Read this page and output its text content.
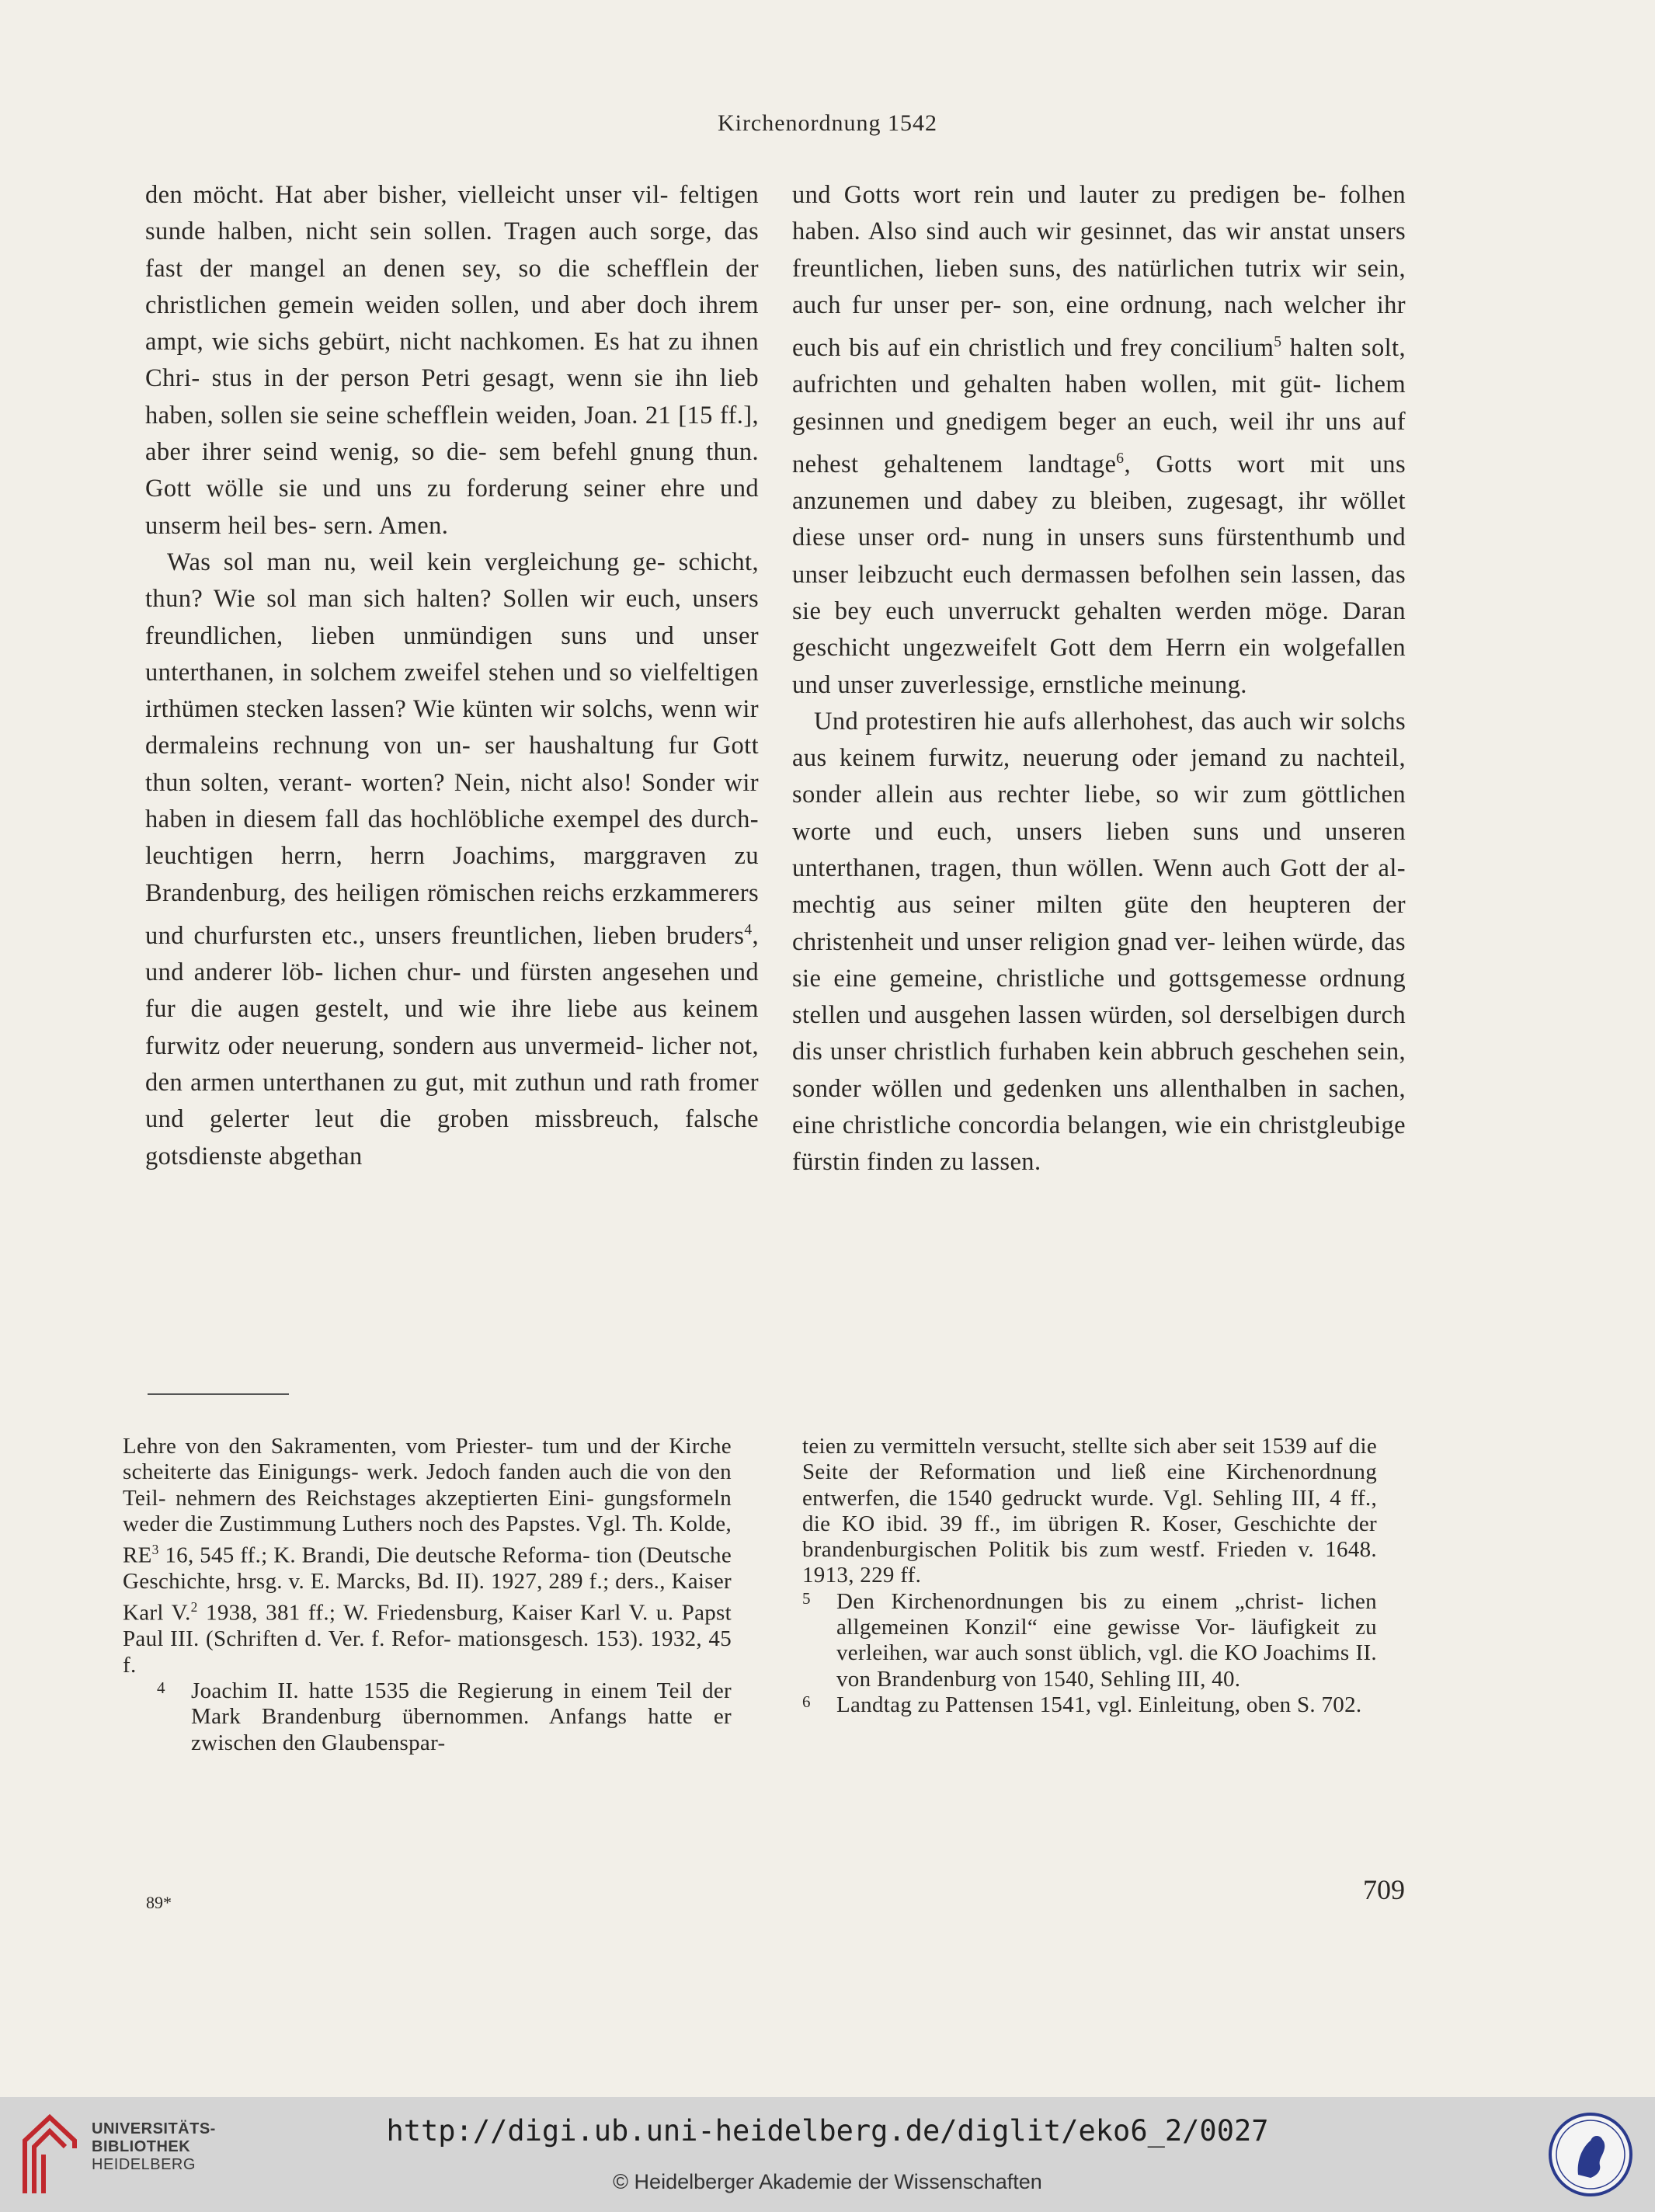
Kirchenordnung 1542

den möcht. Hat aber bisher, vielleicht unser vil- feltigen sunde halben, nicht sein sollen. Tragen auch sorge, das fast der mangel an denen sey, so die schefflein der christlichen gemein weiden sollen, und aber doch ihrem ampt, wie sichs gebürt, nicht nachkomen. Es hat zu ihnen Chri- stus in der person Petri gesagt, wenn sie ihn lieb haben, sollen sie seine schefflein weiden, Joan. 21 [15 ff.], aber ihrer seind wenig, so die- sem befehl gnung thun. Gott wölle sie und uns zu forderung seiner ehre und unserm heil bes- sern. Amen.

Was sol man nu, weil kein vergleichung ge- schicht, thun? Wie sol man sich halten? Sollen wir euch, unsers freundlichen, lieben unmündigen suns und unser unterthanen, in solchem zweifel stehen und so vielfeltigen irthümen stecken lassen? Wie künten wir solchs, wenn wir dermaleins rechnung von un- ser haushaltung fur Gott thun solten, verant- worten? Nein, nicht also! Sonder wir haben in diesem fall das hochlöbliche exempel des durch- leuchtigen herrn, herrn Joachims, marggraven zu Brandenburg, des heiligen römischen reichs erzkammerers und churfursten etc., unsers freuntlichen, lieben bruders$^4$, und anderer löb- lichen chur- und fürsten angesehen und fur die augen gestelt, und wie ihre liebe aus keinem furwitz oder neuerung, sondern aus unvermeid- licher not, den armen unterthanen zu gut, mit zuthun und rath fromer und gelerter leut die groben missbreuch, falsche gotsdienste abgethan

und Gotts wort rein und lauter zu predigen be- folhen haben. Also sind auch wir gesinnet, das wir anstat unsers freuntlichen, lieben suns, des natürlichen tutrix wir sein, auch fur unser per- son, eine ordnung, nach welcher ihr euch bis auf ein christlich und frey concilium$^5$ halten solt, aufrichten und gehalten haben wollen, mit güt- lichem gesinnen und gnedigem beger an euch, weil ihr uns auf nehest gehaltenem landtage$^6$, Gotts wort mit uns anzunemen und dabey zu bleiben, zugesagt, ihr wöllet diese unser ord- nung in unsers suns fürstenthumb und unser leibzucht euch dermassen befolhen sein lassen, das sie bey euch unverruckt gehalten werden möge. Daran geschicht ungezweifelt Gott dem Herrn ein wolgefallen und unser zuverlessige, ernstliche meinung.

Und protestiren hie aufs allerhohest, das auch wir solchs aus keinem furwitz, neuerung oder jemand zu nachteil, sonder allein aus rechter liebe, so wir zum göttlichen worte und euch, unsers lieben suns und unseren unterthanen, tragen, thun wöllen. Wenn auch Gott der al- mechtig aus seiner milten güte den heupteren der christenheit und unser religion gnad ver- leihen würde, das sie eine gemeine, christliche und gottsgemesse ordnung stellen und ausgehen lassen würden, sol derselbigen durch dis unser christlich furhaben kein abbruch geschehen sein, sonder wöllen und gedenken uns allenthalben in sachen, eine christliche concordia belangen, wie ein christgleubige fürstin finden zu lassen.

Lehre von den Sakramenten, vom Priester- tum und der Kirche scheiterte das Einigungs- werk. Jedoch fanden auch die von den Teil- nehmern des Reichstages akzeptierten Eini- gungsformeln weder die Zustimmung Luthers noch des Papstes. Vgl. Th. Kolde, $RE^3$ 16, 545 ff.; K. Brandi, Die deutsche Reforma- tion (Deutsche Geschichte, hrsg. v. E. Marcks, Bd. II). 1927, 289 f.; ders., Kaiser Karl V.$^2$ 1938, 381 ff.; W. Friedensburg, Kaiser Karl V. u. Papst Paul III. (Schriften d. Ver. f. Refor- mationsgesch. 153). 1932, 45 f.
4 Joachim II. hatte 1535 die Regierung in einem Teil der Mark Brandenburg übernommen. Anfangs hatte er zwischen den Glaubenspar-
teien zu vermitteln versucht, stellte sich aber seit 1539 auf die Seite der Reformation und ließ eine Kirchenordnung entwerfen, die 1540 gedruckt wurde. Vgl. Sehling III, 4 ff., die KO ibid. 39 ff., im übrigen R. Koser, Geschichte der brandenburgischen Politik bis zum westf. Frieden v. 1648. 1913, 229 ff.
5 Den Kirchenordnungen bis zu einem „christ- lichen allgemeinen Konzil“ eine gewisse Vor- läufigkeit zu verleihen, war auch sonst üblich, vgl. die KO Joachims II. von Brandenburg von 1540, Sehling III, 40.
6 Landtag zu Pattensen 1541, vgl. Einleitung, oben S. 702.
89*	709
UNIVERSITÄTS-
BIBLIOTHEK
HEIDELBERG
http://digi.ub.uni-heidelberg.de/diglit/eko6_2/0027
© Heidelberger Akademie der Wissenschaften
